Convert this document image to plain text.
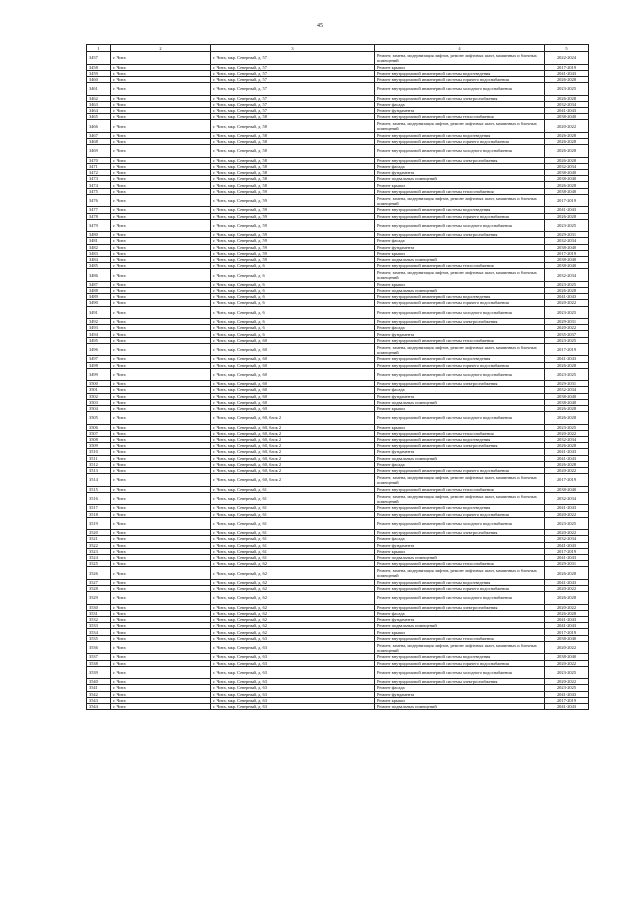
45
1	2	3	4	5
3457	г. Чита	г. Чита, мкр. Северный, д. 57	Ремонт, замена, модернизация лифтов, ремонт лифтовых шахт, машинных и блочных помещений	2022-2024
3458	г. Чита	г. Чита, мкр. Северный, д. 57	Ремонт крыши	2017-2019
3459	г. Чита	г. Чита, мкр. Северный, д. 57	Ремонт внутридомовой инженерной системы водоотведения	2041-2043
3460	г. Чита	г. Чита, мкр. Северный, д. 57	Ремонт внутридомовой инженерной системы горячего водоснабжения	2026-2028
3461	г. Чита	г. Чита, мкр. Северный, д. 57	Ремонт внутридомовой инженерной системы холодного водоснабжения	2023-2025
3462	г. Чита	г. Чита, мкр. Северный, д. 57	Ремонт внутридомовой инженерной системы электроснабжения	2026-2028
3463	г. Чита	г. Чита, мкр. Северный, д. 57	Ремонт фасада	2032-2034
3464	г. Чита	г. Чита, мкр. Северный, д. 57	Ремонт фундамента	2041-2043
3465	г. Чита	г. Чита, мкр. Северный, д. 58	Ремонт внутридомовой инженерной системы теплоснабжения	2038-2040
3466	г. Чита	г. Чита, мкр. Северный, д. 58	Ремонт, замена, модернизация лифтов, ремонт лифтовых шахт, машинных и блочных помещений	2020-2022
3467	г. Чита	г. Чита, мкр. Северный, д. 58	Ремонт внутридомовой инженерной системы водоотведения	2026-2028
3468	г. Чита	г. Чита, мкр. Северный, д. 58	Ремонт внутридомовой инженерной системы горячего водоснабжения	2026-2028
3469	г. Чита	г. Чита, мкр. Северный, д. 58	Ремонт внутридомовой инженерной системы холодного водоснабжения	2026-2028
3470	г. Чита	г. Чита, мкр. Северный, д. 58	Ремонт внутридомовой инженерной системы электроснабжения	2026-2028
3471	г. Чита	г. Чита, мкр. Северный, д. 58	Ремонт фасада	2032-2034
3472	г. Чита	г. Чита, мкр. Северный, д. 58	Ремонт фундамента	2038-2040
3473	г. Чита	г. Чита, мкр. Северный, д. 58	Ремонт подвальных помещений	2038-2040
3474	г. Чита	г. Чита, мкр. Северный, д. 58	Ремонт крыши	2026-2028
3475	г. Чита	г. Чита, мкр. Северный, д. 59	Ремонт внутридомовой инженерной системы теплоснабжения	2038-2040
3476	г. Чита	г. Чита, мкр. Северный, д. 59	Ремонт, замена, модернизация лифтов, ремонт лифтовых шахт, машинных и блочных помещений	2017-2019
3477	г. Чита	г. Чита, мкр. Северный, д. 59	Ремонт внутридомовой инженерной системы водоотведения	2041-2043
3478	г. Чита	г. Чита, мкр. Северный, д. 59	Ремонт внутридомовой инженерной системы горячего водоснабжения	2026-2028
3479	г. Чита	г. Чита, мкр. Северный, д. 59	Ремонт внутридомовой инженерной системы холодного водоснабжения	2023-2025
3480	г. Чита	г. Чита, мкр. Северный, д. 59	Ремонт внутридомовой инженерной системы электроснабжения	2029-2031
3481	г. Чита	г. Чита, мкр. Северный, д. 59	Ремонт фасада	2032-2034
3482	г. Чита	г. Чита, мкр. Северный, д. 59	Ремонт фундамента	2038-2040
3483	г. Чита	г. Чита, мкр. Северный, д. 59	Ремонт крыши	2017-2019
3484	г. Чита	г. Чита, мкр. Северный, д. 59	Ремонт подвальных помещений	2038-2040
3485	г. Чита	г. Чита, мкр. Северный, д. 6	Ремонт внутридомовой инженерной системы теплоснабжения	2038-2040
3486	г. Чита	г. Чита, мкр. Северный, д. 6	Ремонт, замена, модернизация лифтов, ремонт лифтовых шахт, машинных и блочных помещений	2032-2034
3487	г. Чита	г. Чита, мкр. Северный, д. 6	Ремонт крыши	2023-2025
3488	г. Чита	г. Чита, мкр. Северный, д. 6	Ремонт подвальных помещений	2026-2028
3489	г. Чита	г. Чита, мкр. Северный, д. 6	Ремонт внутридомовой инженерной системы водоотведения	2041-2043
3490	г. Чита	г. Чита, мкр. Северный, д. 6	Ремонт внутридомовой инженерной системы горячего водоснабжения	2020-2022
3491	г. Чита	г. Чита, мкр. Северный, д. 6	Ремонт внутридомовой инженерной системы холодного водоснабжения	2023-2025
3492	г. Чита	г. Чита, мкр. Северный, д. 6	Ремонт внутридомовой инженерной системы электроснабжения	2029-2031
3493	г. Чита	г. Чита, мкр. Северный, д. 6	Ремонт фасада	2020-2022
3494	г. Чита	г. Чита, мкр. Северный, д. 6	Ремонт фундамента	2035-2037
3495	г. Чита	г. Чита, мкр. Северный, д. 60	Ремонт внутридомовой инженерной системы теплоснабжения	2023-2025
3496	г. Чита	г. Чита, мкр. Северный, д. 60	Ремонт, замена, модернизация лифтов, ремонт лифтовых шахт, машинных и блочных помещений	2017-2019
3497	г. Чита	г. Чита, мкр. Северный, д. 60	Ремонт внутридомовой инженерной системы водоотведения	2041-2043
3498	г. Чита	г. Чита, мкр. Северный, д. 60	Ремонт внутридомовой инженерной системы горячего водоснабжения	2026-2028
3499	г. Чита	г. Чита, мкр. Северный, д. 60	Ремонт внутридомовой инженерной системы холодного водоснабжения	2023-2025
3500	г. Чита	г. Чита, мкр. Северный, д. 60	Ремонт внутридомовой инженерной системы электроснабжения	2029-2031
3501	г. Чита	г. Чита, мкр. Северный, д. 60	Ремонт фасада	2032-2034
3502	г. Чита	г. Чита, мкр. Северный, д. 60	Ремонт фундамента	2038-2040
3503	г. Чита	г. Чита, мкр. Северный, д. 60	Ремонт подвальных помещений	2038-2040
3504	г. Чита	г. Чита, мкр. Северный, д. 60	Ремонт крыши	2026-2028
3505	г. Чита	г. Чита, мкр. Северный, д. 60, блок 2	Ремонт внутридомовой инженерной системы холодного водоснабжения	2026-2028
3506	г. Чита	г. Чита, мкр. Северный, д. 60, блок 2	Ремонт крыши	2023-2025
3507	г. Чита	г. Чита, мкр. Северный, д. 60, блок 2	Ремонт внутридомовой инженерной системы теплоснабжения	2020-2022
3508	г. Чита	г. Чита, мкр. Северный, д. 60, блок 2	Ремонт внутридомовой инженерной системы водоотведения	2032-2034
3509	г. Чита	г. Чита, мкр. Северный, д. 60, блок 2	Ремонт внутридомовой инженерной системы электроснабжения	2026-2028
3510	г. Чита	г. Чита, мкр. Северный, д. 60, блок 2	Ремонт фундамента	2041-2043
3511	г. Чита	г. Чита, мкр. Северный, д. 60, блок 2	Ремонт подвальных помещений	2041-2043
3512	г. Чита	г. Чита, мкр. Северный, д. 60, блок 2	Ремонт фасада	2026-2028
3513	г. Чита	г. Чита, мкр. Северный, д. 60, блок 2	Ремонт внутридомовой инженерной системы горячего водоснабжения	2020-2022
3514	г. Чита	г. Чита, мкр. Северный, д. 60, блок 2	Ремонт, замена, модернизация лифтов, ремонт лифтовых шахт, машинных и блочных помещений	2017-2019
3515	г. Чита	г. Чита, мкр. Северный, д. 61	Ремонт внутридомовой инженерной системы теплоснабжения	2038-2040
3516	г. Чита	г. Чита, мкр. Северный, д. 61	Ремонт, замена, модернизация лифтов, ремонт лифтовых шахт, машинных и блочных помещений	2032-2034
3517	г. Чита	г. Чита, мкр. Северный, д. 61	Ремонт внутридомовой инженерной системы водоотведения	2041-2043
3518	г. Чита	г. Чита, мкр. Северный, д. 61	Ремонт внутридомовой инженерной системы горячего водоснабжения	2020-2022
3519	г. Чита	г. Чита, мкр. Северный, д. 61	Ремонт внутридомовой инженерной системы холодного водоснабжения	2023-2025
3520	г. Чита	г. Чита, мкр. Северный, д. 61	Ремонт внутридомовой инженерной системы электроснабжения	2020-2022
3521	г. Чита	г. Чита, мкр. Северный, д. 61	Ремонт фасада	2032-2034
3522	г. Чита	г. Чита, мкр. Северный, д. 61	Ремонт фундамента	2041-2043
3523	г. Чита	г. Чита, мкр. Северный, д. 61	Ремонт крыши	2017-2019
3524	г. Чита	г. Чита, мкр. Северный, д. 61	Ремонт подвальных помещений	2041-2043
3525	г. Чита	г. Чита, мкр. Северный, д. 62	Ремонт внутридомовой инженерной системы теплоснабжения	2029-2031
3526	г. Чита	г. Чита, мкр. Северный, д. 62	Ремонт, замена, модернизация лифтов, ремонт лифтовых шахт, машинных и блочных помещений	2026-2028
3527	г. Чита	г. Чита, мкр. Северный, д. 62	Ремонт внутридомовой инженерной системы водоотведения	2041-2043
3528	г. Чита	г. Чита, мкр. Северный, д. 62	Ремонт внутридомовой инженерной системы горячего водоснабжения	2020-2022
3529	г. Чита	г. Чита, мкр. Северный, д. 62	Ремонт внутридомовой инженерной системы холодного водоснабжения	2026-2028
3530	г. Чита	г. Чита, мкр. Северный, д. 62	Ремонт внутридомовой инженерной системы электроснабжения	2020-2022
3531	г. Чита	г. Чита, мкр. Северный, д. 62	Ремонт фасада	2026-2028
3532	г. Чита	г. Чита, мкр. Северный, д. 62	Ремонт фундамента	2041-2043
3533	г. Чита	г. Чита, мкр. Северный, д. 62	Ремонт подвальных помещений	2041-2043
3534	г. Чита	г. Чита, мкр. Северный, д. 62	Ремонт крыши	2017-2019
3535	г. Чита	г. Чита, мкр. Северный, д. 63	Ремонт внутридомовой инженерной системы теплоснабжения	2038-2040
3536	г. Чита	г. Чита, мкр. Северный, д. 63	Ремонт, замена, модернизация лифтов, ремонт лифтовых шахт, машинных и блочных помещений	2020-2022
3537	г. Чита	г. Чита, мкр. Северный, д. 63	Ремонт внутридомовой инженерной системы водоотведения	2038-2040
3538	г. Чита	г. Чита, мкр. Северный, д. 63	Ремонт внутридомовой инженерной системы горячего водоснабжения	2020-2022
3539	г. Чита	г. Чита, мкр. Северный, д. 63	Ремонт внутридомовой инженерной системы холодного водоснабжения	2023-2025
3540	г. Чита	г. Чита, мкр. Северный, д. 63	Ремонт внутридомовой инженерной системы электроснабжения	2020-2022
3541	г. Чита	г. Чита, мкр. Северный, д. 63	Ремонт фасада	2023-2025
3542	г. Чита	г. Чита, мкр. Северный, д. 63	Ремонт фундамента	2041-2043
3543	г. Чита	г. Чита, мкр. Северный, д. 63	Ремонт крыши	2017-2019
3544	г. Чита	г. Чита, мкр. Северный, д. 63	Ремонт подвальных помещений	2041-2043
